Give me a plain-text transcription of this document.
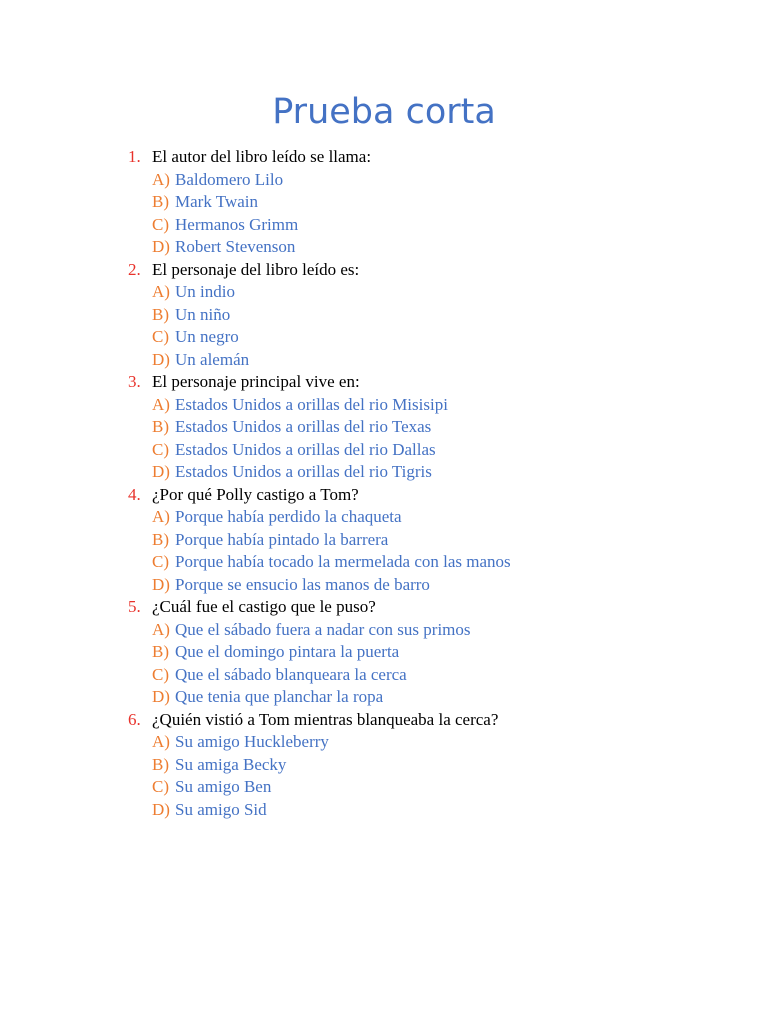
Prueba corta
1. El autor del libro leído se llama:
A) Baldomero Lilo
B) Mark Twain
C) Hermanos Grimm
D) Robert Stevenson
2. El personaje del libro leído es:
A) Un indio
B) Un niño
C) Un negro
D) Un alemán
3. El personaje principal vive en:
A) Estados Unidos a orillas del rio Misisipi
B) Estados Unidos a orillas del rio Texas
C) Estados Unidos a orillas del rio Dallas
D) Estados Unidos a orillas del rio Tigris
4. ¿Por qué Polly castigo a Tom?
A) Porque había perdido la chaqueta
B) Porque había pintado la barrera
C) Porque había tocado la mermelada con las manos
D) Porque se ensucio las manos de barro
5. ¿Cuál fue el castigo que le puso?
A) Que el sábado fuera a nadar con sus primos
B) Que el domingo pintara la puerta
C) Que el sábado blanqueara la cerca
D) Que tenia que planchar la ropa
6. ¿Quién vistió a Tom mientras blanqueaba la cerca?
A) Su amigo Huckleberry
B) Su amiga Becky
C) Su amigo Ben
D) Su amigo Sid
